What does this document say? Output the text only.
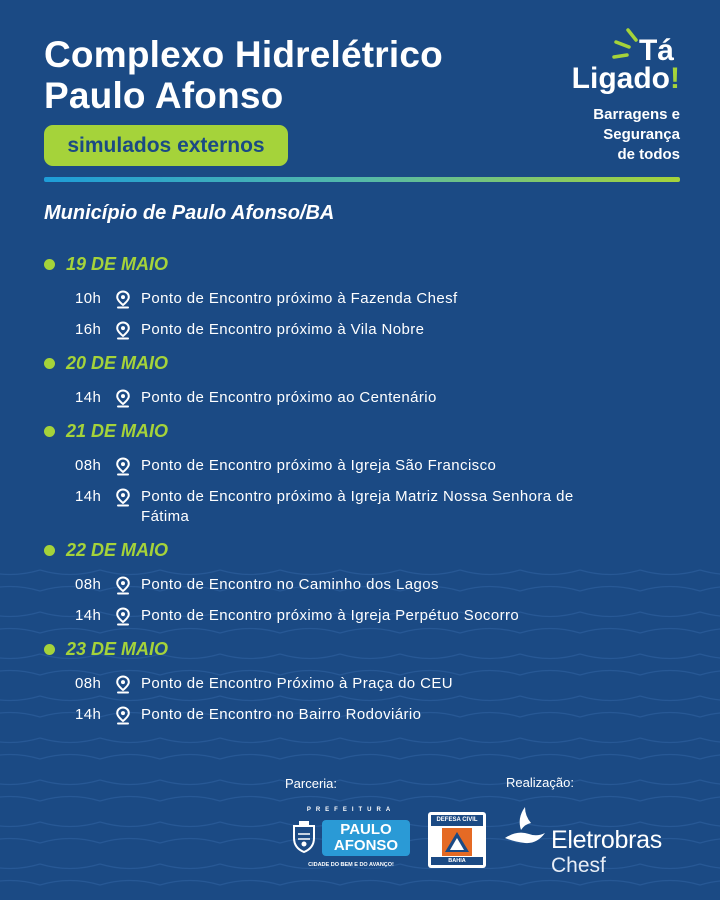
Complexo Hidrelétrico
Paulo Afonso
simulados externos
Tá
Ligado!
Barragens e
Segurança
de todos
Município de Paulo Afonso/BA
19 DE MAIO
10h	Ponto de Encontro próximo à Fazenda Chesf
16h	Ponto de Encontro próximo à Vila Nobre
20 DE MAIO
14h	Ponto de Encontro próximo ao Centenário
21 DE MAIO
08h	Ponto de Encontro próximo à Igreja São Francisco
14h	Ponto de Encontro próximo à Igreja Matriz Nossa Senhora de Fátima
22 DE MAIO
08h	Ponto de Encontro no Caminho dos Lagos
14h	Ponto de Encontro próximo à Igreja Perpétuo Socorro
23 DE MAIO
08h	Ponto de Encontro Próximo à Praça do CEU
14h	Ponto de Encontro no Bairro Rodoviário
Parceria:	Realização:
PREFEITURA
PAULO
AFONSO
CIDADE DO BEM E DO AVANÇO!
DEFESA CIVIL
BAHIA
Eletrobras
Chesf
